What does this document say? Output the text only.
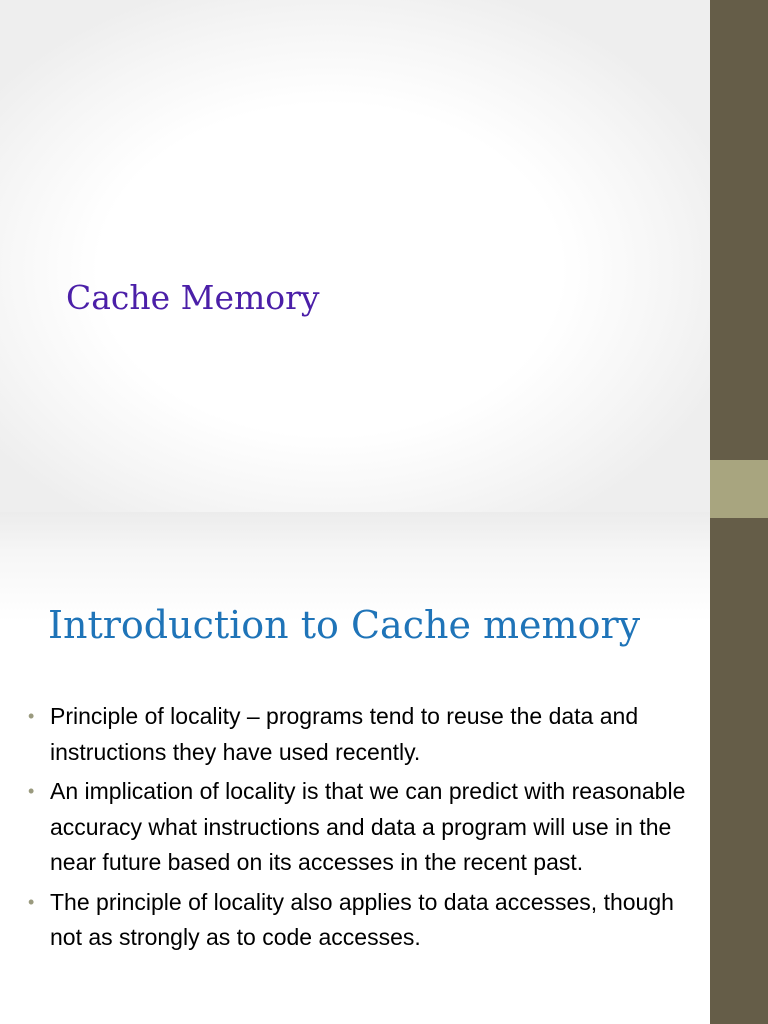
Cache Memory
Introduction to Cache memory
• Principle of locality – programs tend to reuse the data and instructions they have used recently.
• An implication of locality is that we can predict with reasonable accuracy what instructions and data a program will use in the near future based on its accesses in the recent past.
• The principle of locality also applies to data accesses, though not as strongly as to code accesses.
